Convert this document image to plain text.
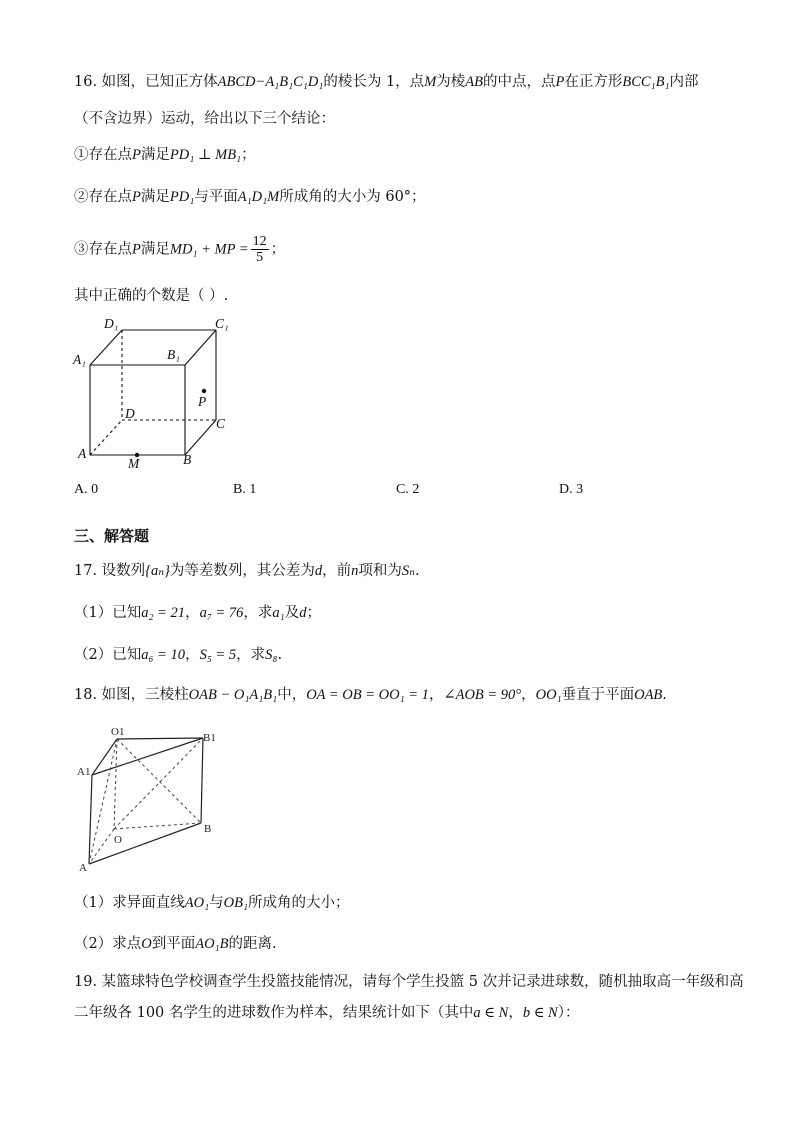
16. 如图，已知正方体ABCD−A₁B₁C₁D₁的棱长为 1，点M为棱AB的中点，点P在正方形BCC₁B₁内部
（不含边界）运动，给出以下三个结论：
①存在点P满足PD₁ ⊥ MB₁；
②存在点P满足PD₁与平面A₁D₁M所成角的大小为 60°；
③存在点P满足MD₁ + MP = $\frac{12}{5}$ ；
其中正确的个数是（ ）.
D₁	C₁
A₁	B₁
D
C
A	B
P
M
A. 0	B. 1	C. 2	D. 3
三、解答题
17. 设数列{aₙ}为等差数列，其公差为d，前n项和为Sₙ.
（1）已知a₂ = 21，a₇ = 76，求a₁及d；
（2）已知a₆ = 10，S₅ = 5，求S₈.
18. 如图，三棱柱OAB − O₁A₁B₁中，OA = OB = OO₁ = 1，∠AOB = 90°，OO₁垂直于平面OAB.
O1	B1
A1
O
B
A
（1）求异面直线AO₁与OB₁所成角的大小；
（2）求点O到平面AO₁B的距离.
19. 某篮球特色学校调查学生投篮技能情况，请每个学生投篮 5 次并记录进球数，随机抽取高一年级和高
二年级各 100 名学生的进球数作为样本，结果统计如下（其中a ∈ N，b ∈ N）：
